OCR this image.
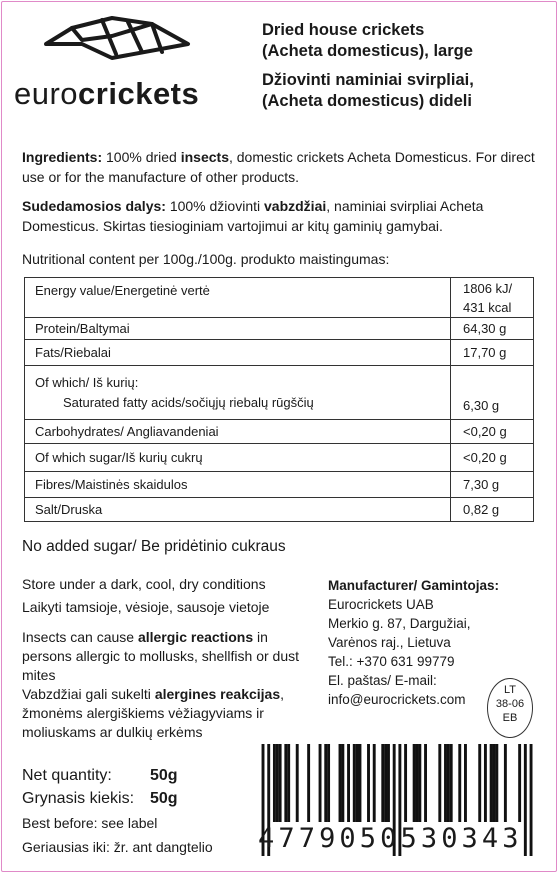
eurocrickets

Dried house crickets
(Acheta domesticus), large

Džiovinti naminiai svirpliai,
(Acheta domesticus) dideli

Ingredients: 100% dried insects, domestic crickets Acheta Domesticus. For direct use or for the manufacture of other products.
Sudedamosios dalys: 100% džiovinti vabzdžiai, naminiai svirpliai Acheta Domesticus. Skirtas tiesioginiam vartojimui ar kitų gaminių gamybai.
Nutritional content per 100g./100g. produkto maistingumas:
Energy value/Energetinė vertė	1806 kJ/
431 kcal
Protein/Baltymai	64,30 g
Fats/Riebalai	17,70 g
Of which/ Iš kurių:
Saturated fatty acids/sočiųjų riebalų rūgščių	6,30 g
Carbohydrates/ Angliavandeniai	<0,20 g
Of which sugar/Iš kurių cukrų	<0,20 g
Fibres/Maistinės skaidulos	7,30 g
Salt/Druska	0,82 g
No added sugar/ Be pridėtinio cukraus
Store under a dark, cool, dry conditions
Laikyti tamsioje, vėsioje, sausoje vietoje
Insects can cause allergic reactions in persons allergic to mollusks, shellfish or dust mites
Vabzdžiai gali sukelti alergines reakcijas, žmonėms alergiškiems vėžiagyviams ir moliuskams ar dulkių erkėms
Manufacturer/ Gamintojas:
Eurocrickets UAB
Merkio g. 87, Dargužiai,
Varėnos raj., Lietuva
Tel.: +370 631 99779
El. paštas/ E-mail:
info@eurocrickets.com
LT
38-06
EB
Net quantity: 50g
Grynasis kiekis: 50g
Best before: see label
Geriausias iki: žr. ant dangtelio 4779050530343
